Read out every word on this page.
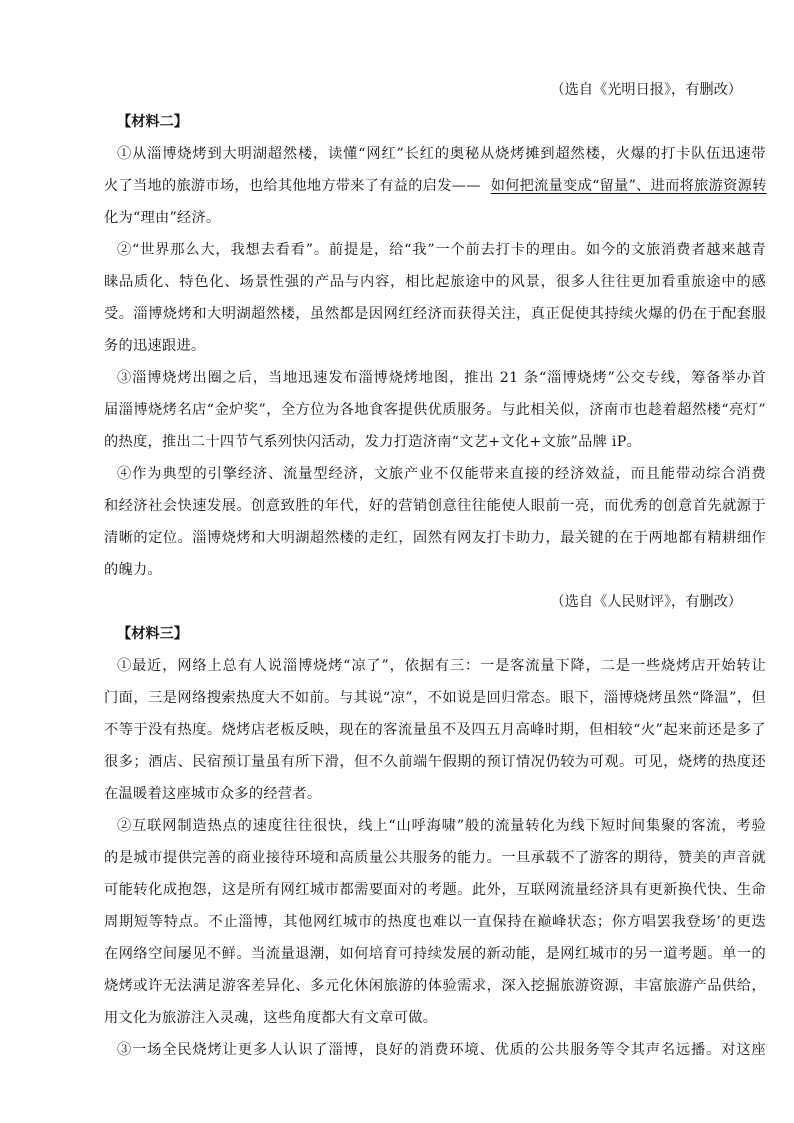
（选自《光明日报》，有删改）
【材料二】
①从淄博烧烤到大明湖超然楼，读懂“网红”长红的奥秘从烧烤摊到超然楼，火爆的打卡队伍迅速带
火了当地的旅游市场，也给其他地方带来了有益的启发—— 如何把流量变成“留量”、进而将旅游资源转
化为“理由”经济。
②“世界那么大，我想去看看”。前提是，给“我”一个前去打卡的理由。如今的文旅消费者越来越青
睐品质化、特色化、场景性强的产品与内容，相比起旅途中的风景，很多人往往更加看重旅途中的感
受。淄博烧烤和大明湖超然楼，虽然都是因网红经济而获得关注，真正促使其持续火爆的仍在于配套服
务的迅速跟进。
③淄博烧烤出圈之后，当地迅速发布淄博烧烤地图，推出 21 条“淄博烧烤”公交专线，筹备举办首
届淄博烧烤名店“金炉奖”，全方位为各地食客提供优质服务。与此相关似，济南市也趁着超然楼“亮灯”
的热度，推出二十四节气系列快闪活动，发力打造济南“文艺+文化+文旅”品牌 iP。
④作为典型的引擎经济、流量型经济，文旅产业不仅能带来直接的经济效益，而且能带动综合消费
和经济社会快速发展。创意致胜的年代，好的营销创意往往能使人眼前一亮，而优秀的创意首先就源于
清晰的定位。淄博烧烤和大明湖超然楼的走红，固然有网友打卡助力，最关键的在于两地都有精耕细作
的魄力。
（选自《人民财评》，有删改）
【材料三】
①最近，网络上总有人说淄博烧烤“凉了”，依据有三：一是客流量下降，二是一些烧烤店开始转让
门面，三是网络搜索热度大不如前。与其说“凉”，不如说是回归常态。眼下，淄博烧烤虽然“降温”，但
不等于没有热度。烧烤店老板反映，现在的客流量虽不及四五月高峰时期，但相较“火”起来前还是多了
很多；酒店、民宿预订量虽有所下滑，但不久前端午假期的预订情况仍较为可观。可见，烧烤的热度还
在温暖着这座城市众多的经营者。
②互联网制造热点的速度往往很快，线上“山呼海啸”般的流量转化为线下短时间集聚的客流，考验
的是城市提供完善的商业接待环境和高质量公共服务的能力。一旦承载不了游客的期待，赞美的声音就
可能转化成抱怨，这是所有网红城市都需要面对的考题。此外，互联网流量经济具有更新换代快、生命
周期短等特点。不止淄博，其他网红城市的热度也难以一直保持在巅峰状态；你方唱罢我登场’的更迭
在网络空间屡见不鲜。当流量退潮，如何培育可持续发展的新动能，是网红城市的另一道考题。单一的
烧烤或许无法满足游客差异化、多元化休闲旅游的体验需求，深入挖掘旅游资源，丰富旅游产品供给，
用文化为旅游注入灵魂，这些角度都大有文章可做。
③一场全民烧烤让更多人认识了淄博，良好的消费环境、优质的公共服务等令其声名远播。对这座
